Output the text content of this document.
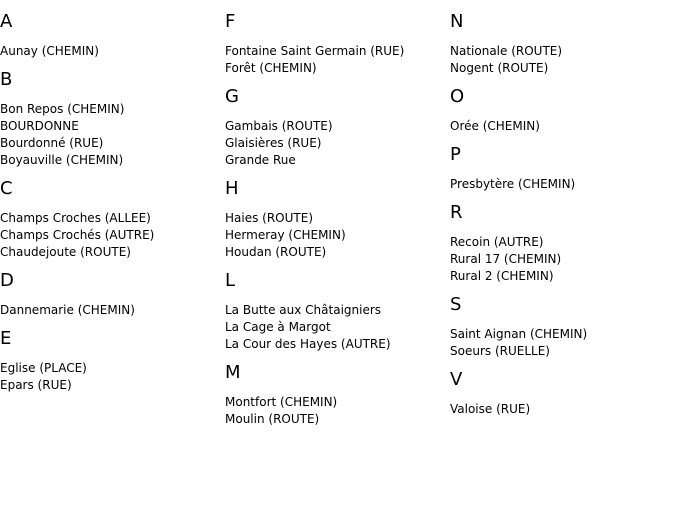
A
Aunay (CHEMIN)
B
Bon Repos (CHEMIN)
BOURDONNE
Bourdonné (RUE)
Boyauville (CHEMIN)
C
Champs Croches (ALLEE)
Champs Crochés (AUTRE)
Chaudejoute (ROUTE)
D
Dannemarie (CHEMIN)
E
Eglise (PLACE)
Epars (RUE)
F
Fontaine Saint Germain (RUE)
Forêt (CHEMIN)
G
Gambais (ROUTE)
Glaisières (RUE)
Grande Rue
H
Haies (ROUTE)
Hermeray (CHEMIN)
Houdan (ROUTE)
L
La Butte aux Châtaigniers
La Cage à Margot
La Cour des Hayes (AUTRE)
M
Montfort (CHEMIN)
Moulin (ROUTE)
N
Nationale (ROUTE)
Nogent (ROUTE)
O
Orée (CHEMIN)
P
Presbytère (CHEMIN)
R
Recoin (AUTRE)
Rural 17 (CHEMIN)
Rural 2 (CHEMIN)
S
Saint Aignan (CHEMIN)
Soeurs (RUELLE)
V
Valoise (RUE)
